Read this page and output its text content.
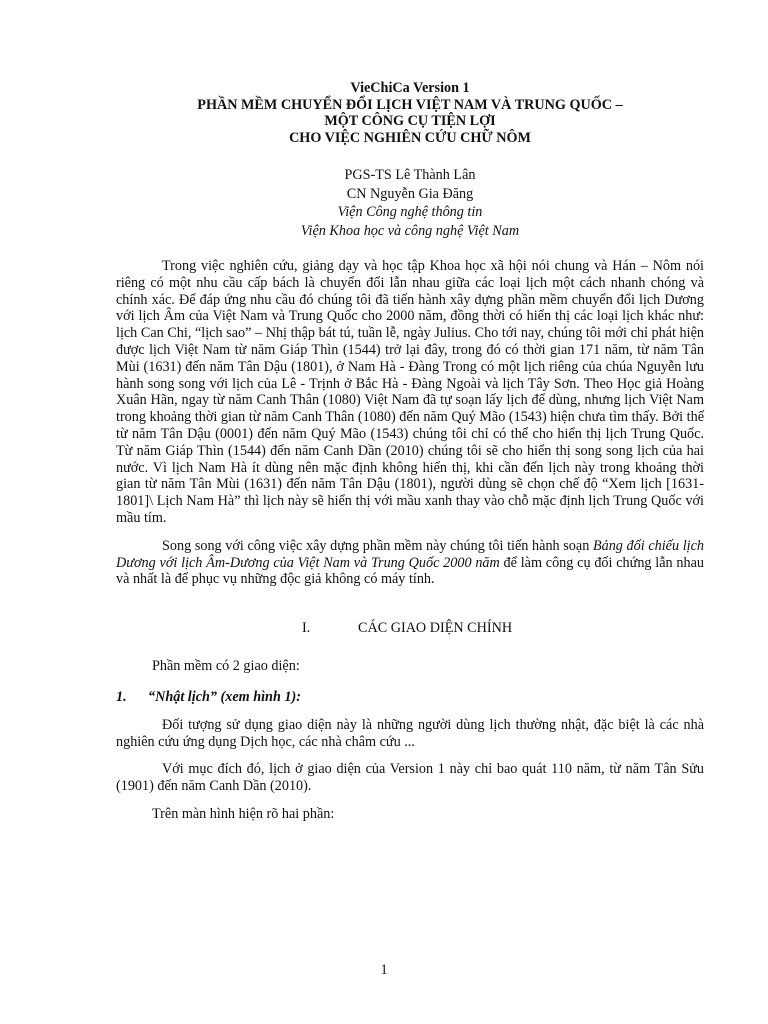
VieChiCa Version 1
PHẦN MỀM CHUYỂN ĐỔI LỊCH VIỆT NAM VÀ TRUNG QUỐC –
MỘT CÔNG CỤ TIỆN LỢI
CHO VIỆC NGHIÊN CỨU CHỮ NÔM
PGS-TS Lê Thành Lân
CN Nguyễn Gia Đăng
Viện Công nghệ thông tin
Viện Khoa học và công nghệ Việt Nam

Trong việc nghiên cứu, giảng dạy và học tập Khoa học xã hội nói chung và Hán – Nôm nói riêng có một nhu cầu cấp bách là chuyển đổi lẫn nhau giữa các loại lịch một cách nhanh chóng và chính xác. Để đáp ứng nhu cầu đó chúng tôi đã tiến hành xây dựng phần mềm chuyển đổi lịch Dương với lịch Âm của Việt Nam và Trung Quốc cho 2000 năm, đồng thời có hiển thị các loại lịch khác như: lịch Can Chi, “lịch sao” – Nhị thập bát tú, tuần lễ, ngày Julius. Cho tới nay, chúng tôi mới chỉ phát hiện được lịch Việt Nam từ năm Giáp Thìn (1544) trở lại đây, trong đó có thời gian 171 năm, từ năm Tân Mùi (1631) đến năm Tân Dậu (1801), ở Nam Hà - Đàng Trong có một lịch riêng của chúa Nguyễn lưu hành song song với lịch của Lê - Trịnh ở Bắc Hà - Đàng Ngoài và lịch Tây Sơn. Theo Học giả Hoàng Xuân Hãn, ngay từ năm Canh Thân (1080) Việt Nam đã tự soạn lấy lịch để dùng, nhưng lịch Việt Nam trong khoảng thời gian từ năm Canh Thân (1080) đến năm Quý Mão (1543) hiện chưa tìm thấy. Bởi thế từ năm Tân Dậu (0001) đến năm Quý Mão (1543) chúng tôi chỉ có thể cho hiển thị lịch Trung Quốc. Từ năm Giáp Thìn (1544) đến năm Canh Dần (2010) chúng tôi sẽ cho hiển thị song song lịch của hai nước. Vì lịch Nam Hà ít dùng nên mặc định không hiển thị, khi cần đến lịch này trong khoảng thời gian từ năm Tân Mùi (1631) đến năm Tân Dậu (1801), người dùng sẽ chọn chế độ “Xem lịch [1631-1801]\ Lịch Nam Hà” thì lịch này sẽ hiển thị với mầu xanh thay vào chỗ mặc định lịch Trung Quốc với mầu tím.

Song song với công việc xây dựng phần mềm này chúng tôi tiến hành soạn Bảng đối chiếu lịch Dương với lịch Âm-Dương của Việt Nam và Trung Quốc 2000 năm để làm công cụ đối chứng lẫn nhau và nhất là để phục vụ những độc giả không có máy tính.

I.	CÁC GIAO DIỆN CHÍNH
Phần mềm có 2 giao diện:
1.	“Nhật lịch” (xem hình 1):

Đối tượng sử dụng giao diện này là những người dùng lịch thường nhật, đặc biệt là các nhà nghiên cứu ứng dụng Dịch học, các nhà châm cứu ...

Với mục đích đó, lịch ở giao diện của Version 1 này chỉ bao quát 110 năm, từ năm Tân Sửu (1901) đến năm Canh Dần (2010).

Trên màn hình hiện rõ hai phần:
1
